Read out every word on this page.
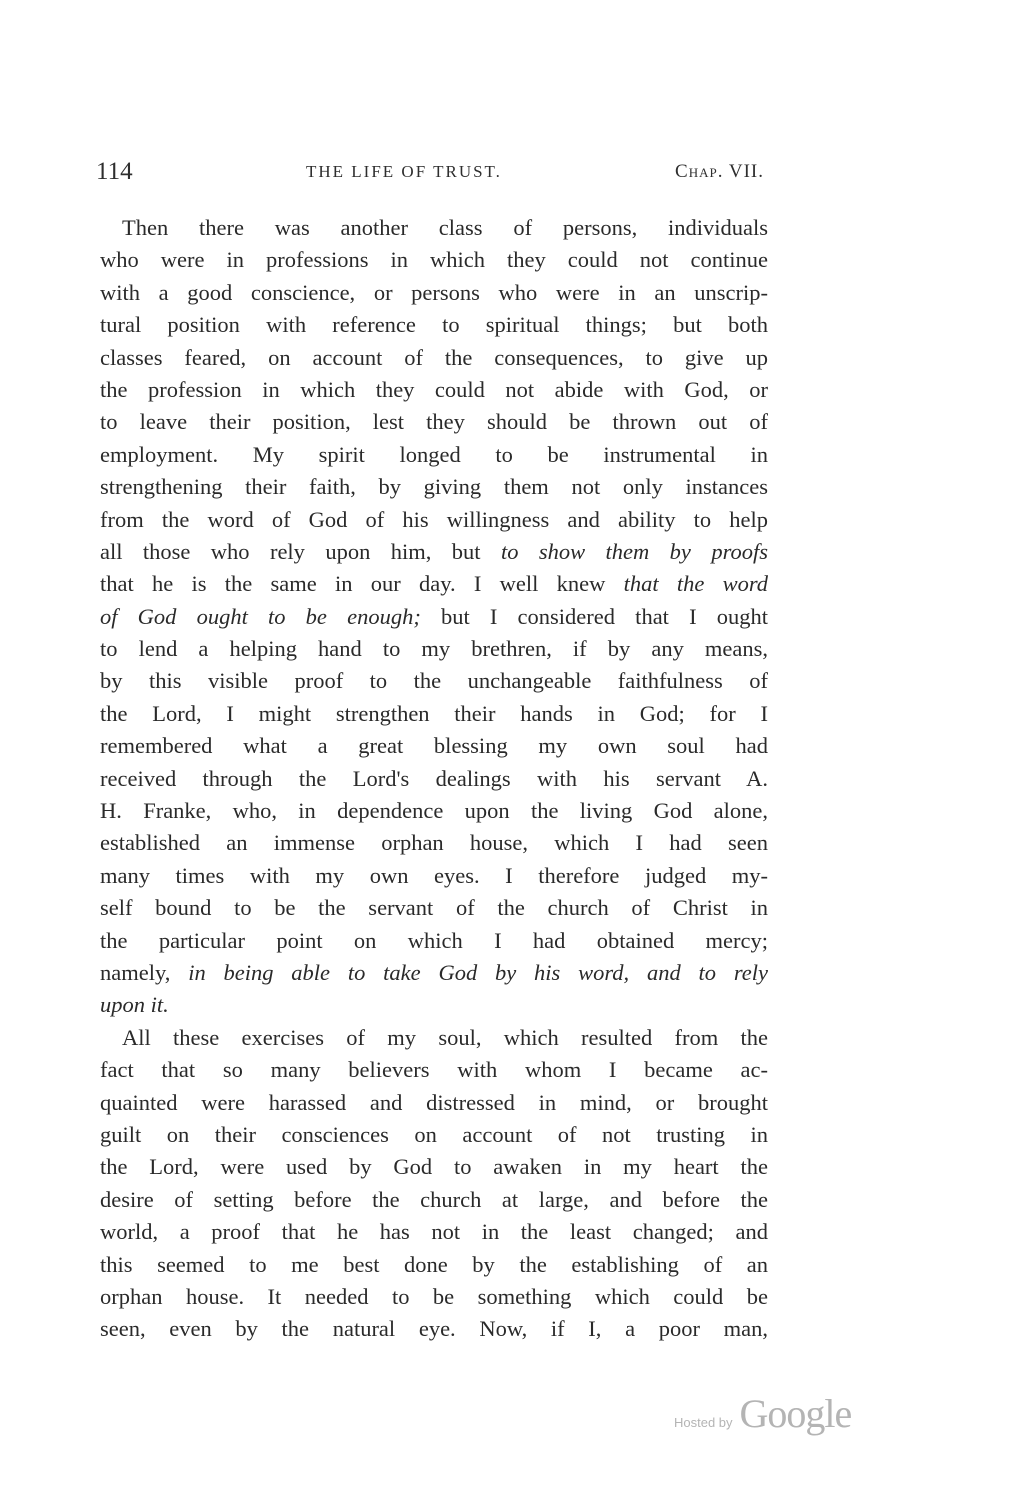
114	THE LIFE OF TRUST.	Chap. VII.
Then there was another class of persons, individuals
who were in professions in which they could not continue
with a good conscience, or persons who were in an unscrip-
tural position with reference to spiritual things; but both
classes feared, on account of the consequences, to give up
the profession in which they could not abide with God, or
to leave their position, lest they should be thrown out of
employment. My spirit longed to be instrumental in
strengthening their faith, by giving them not only instances
from the word of God of his willingness and ability to help
all those who rely upon him, but to show them by proofs
that he is the same in our day. I well knew that the word
of God ought to be enough; but I considered that I ought
to lend a helping hand to my brethren, if by any means,
by this visible proof to the unchangeable faithfulness of
the Lord, I might strengthen their hands in God; for I
remembered what a great blessing my own soul had
received through the Lord's dealings with his servant A.
H. Franke, who, in dependence upon the living God alone,
established an immense orphan house, which I had seen
many times with my own eyes. I therefore judged my-
self bound to be the servant of the church of Christ in
the particular point on which I had obtained mercy;
namely, in being able to take God by his word, and to rely
upon it.
All these exercises of my soul, which resulted from the
fact that so many believers with whom I became ac-
quainted were harassed and distressed in mind, or brought
guilt on their consciences on account of not trusting in
the Lord, were used by God to awaken in my heart the
desire of setting before the church at large, and before the
world, a proof that he has not in the least changed; and
this seemed to me best done by the establishing of an
orphan house. It needed to be something which could be
seen, even by the natural eye. Now, if I, a poor man,
Hosted by Google
